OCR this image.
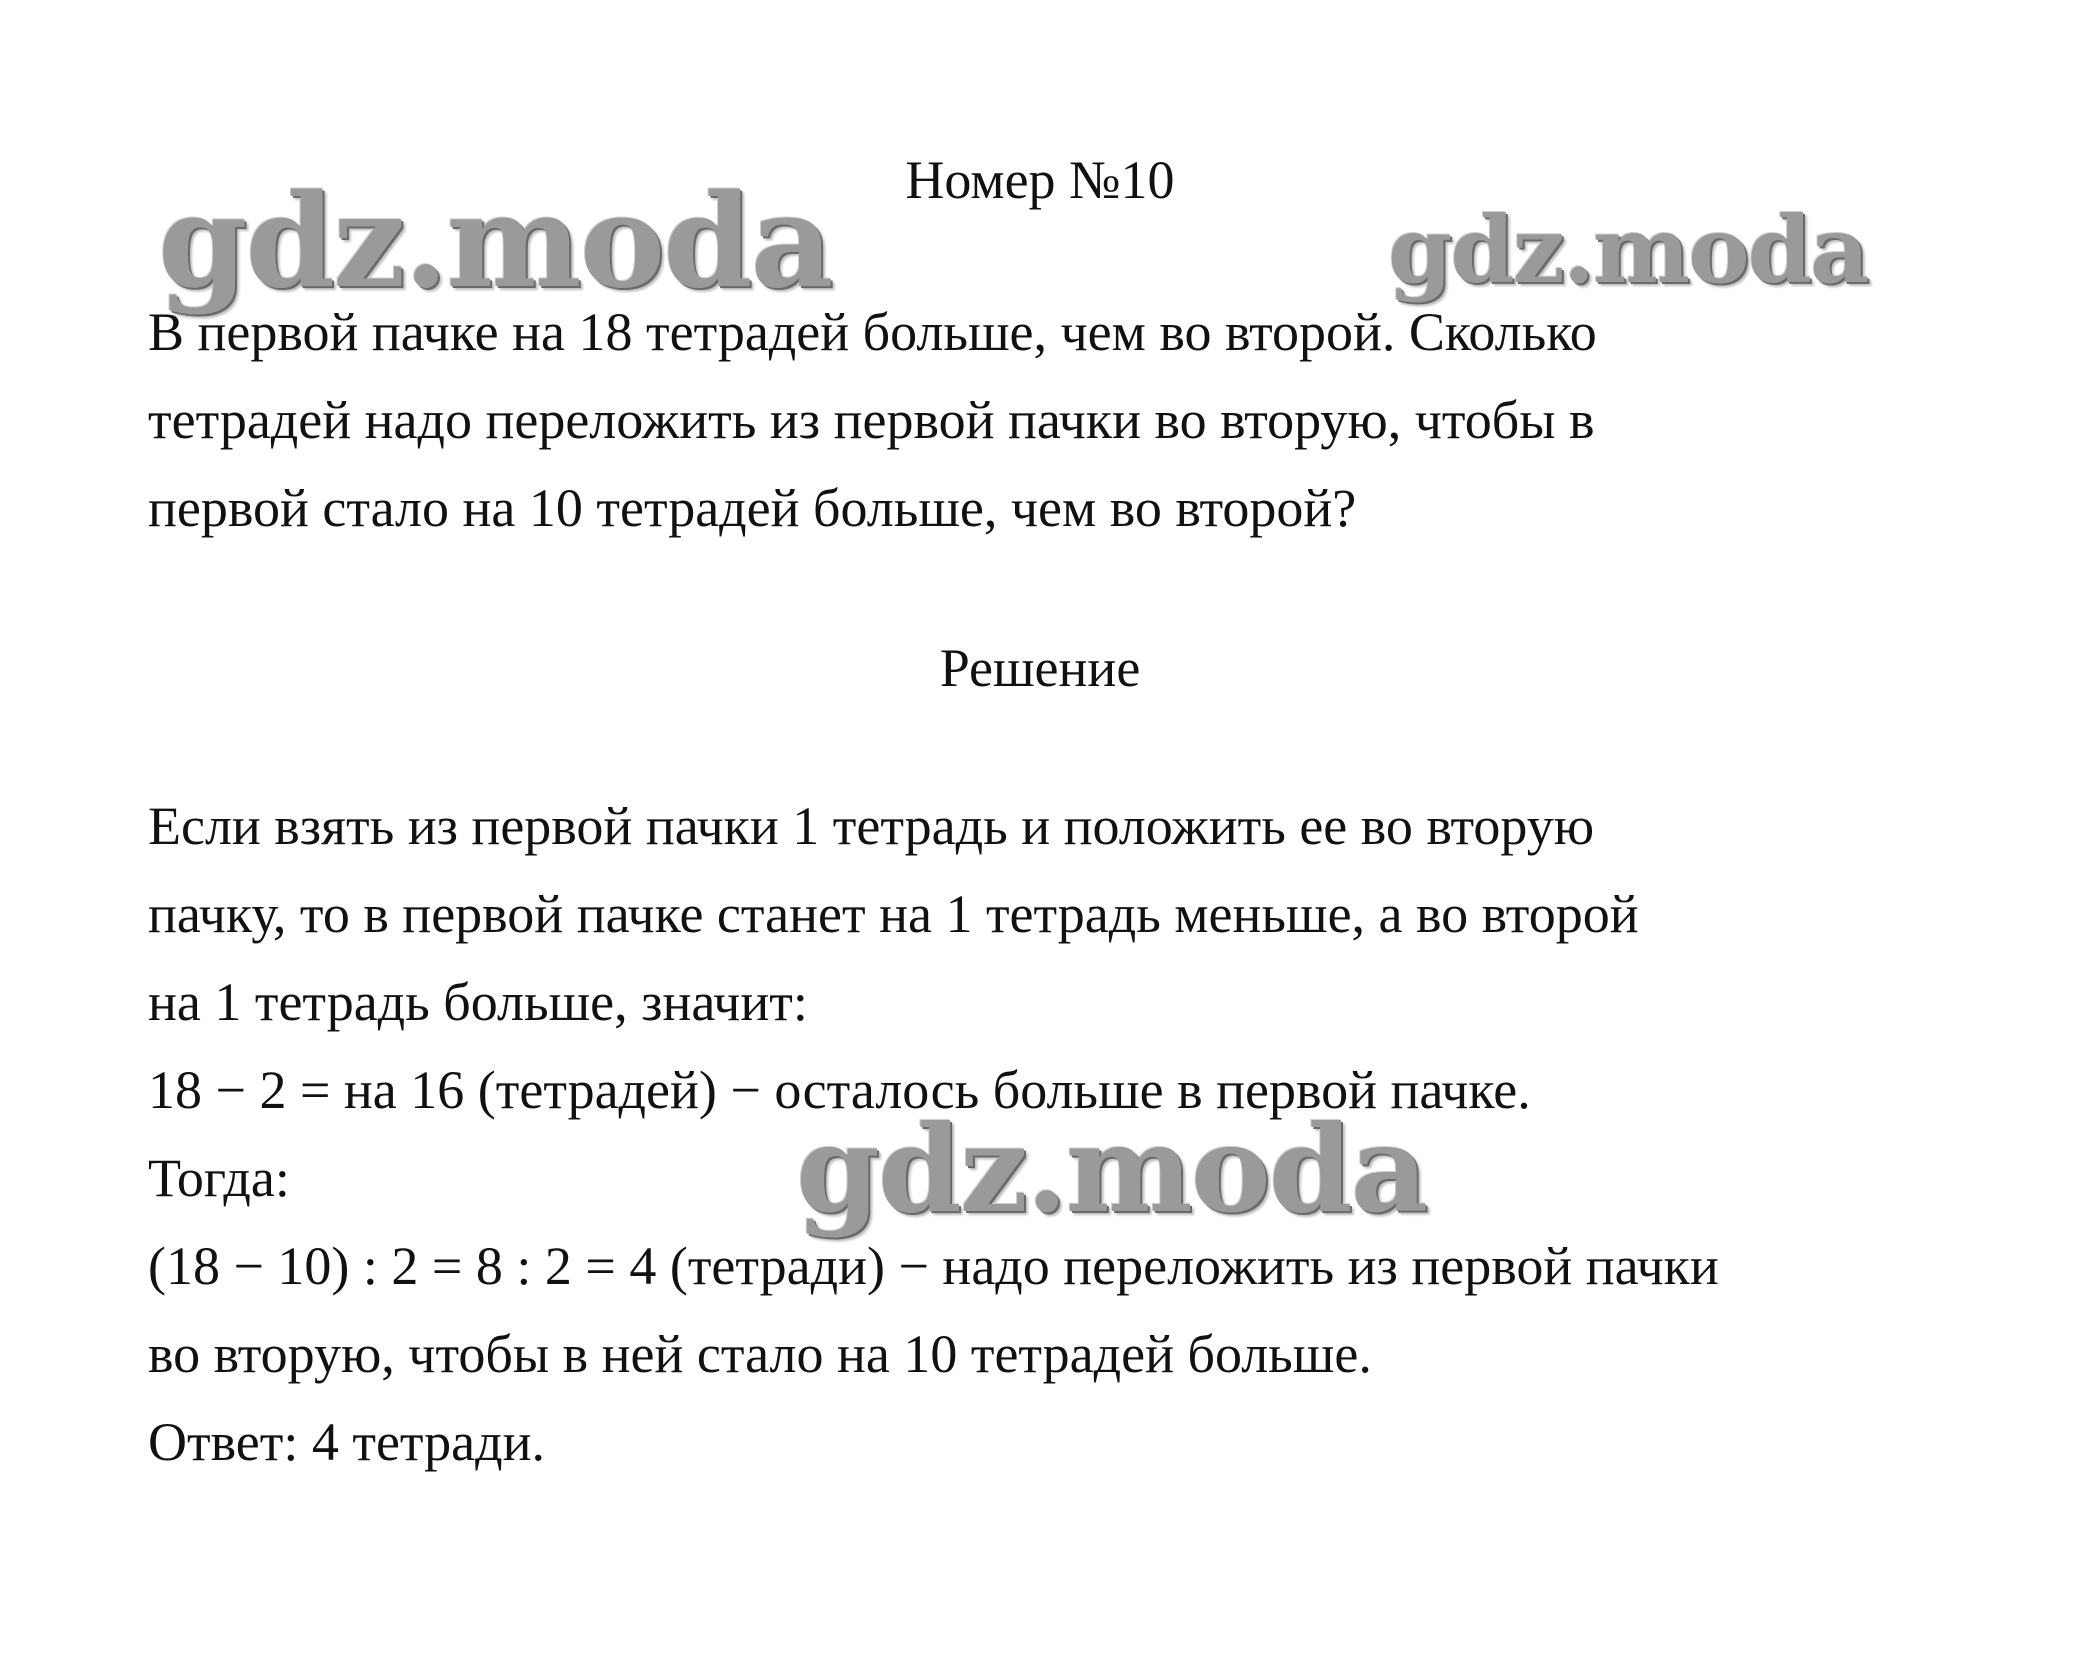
gdz.moda	gdz.moda
gdz.moda
Номер №10
В первой пачке на 18 тетрадей больше, чем во второй. Сколько
тетрадей надо переложить из первой пачки во вторую, чтобы в
первой стало на 10 тетрадей больше, чем во второй?
Решение
Если взять из первой пачки 1 тетрадь и положить ее во вторую
пачку, то в первой пачке станет на 1 тетрадь меньше, а во второй
на 1 тетрадь больше, значит:
18 − 2 = на 16 (тетрадей) − осталось больше в первой пачке.
Тогда:
(18 − 10) : 2 = 8 : 2 = 4 (тетради) − надо переложить из первой пачки
во вторую, чтобы в ней стало на 10 тетрадей больше.
Ответ: 4 тетради.
